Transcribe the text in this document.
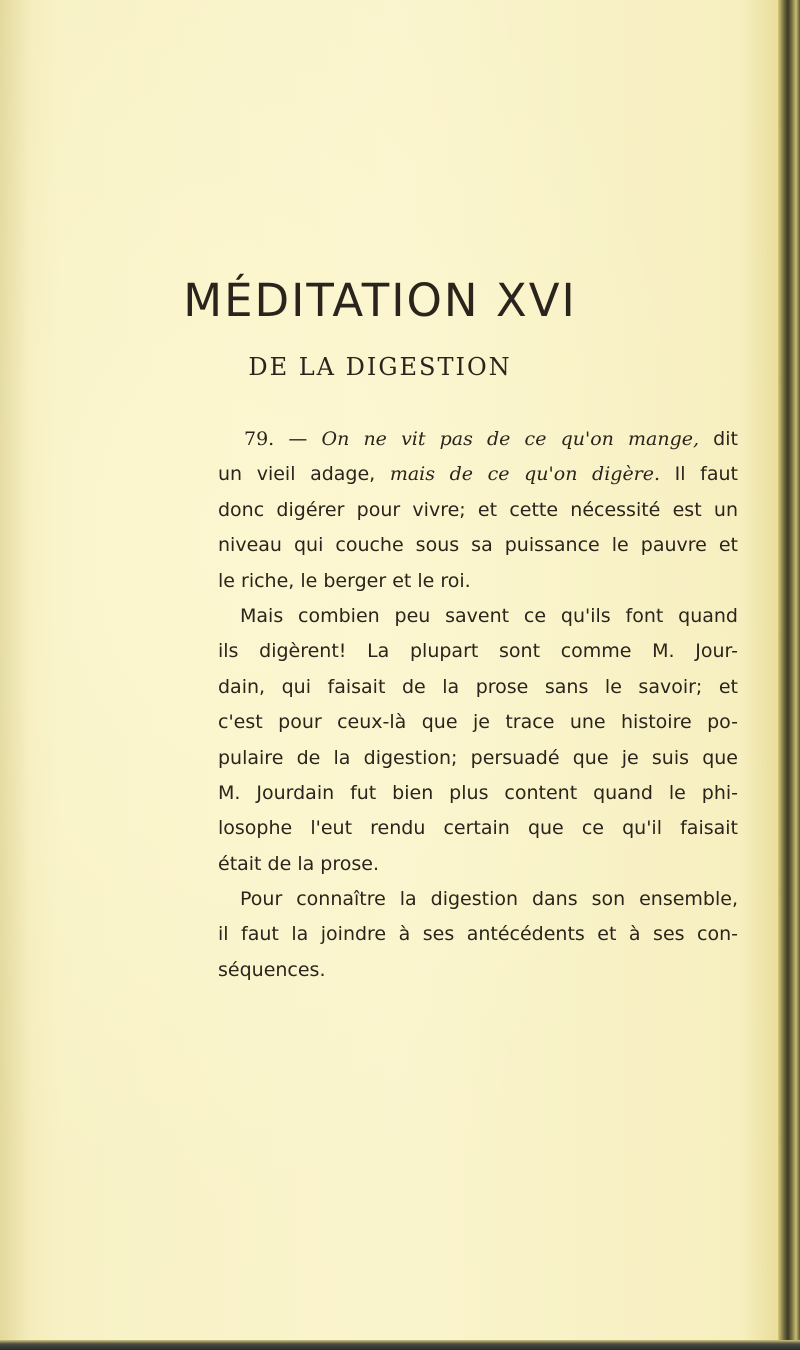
MÉDITATION XVI
DE LA DIGESTION
79. — On ne vit pas de ce qu'on mange, dit
un vieil adage, mais de ce qu'on digère. Il faut
donc digérer pour vivre; et cette nécessité est un
niveau qui couche sous sa puissance le pauvre et
le riche, le berger et le roi.
Mais combien peu savent ce qu'ils font quand
ils digèrent! La plupart sont comme M. Jour-
dain, qui faisait de la prose sans le savoir; et
c'est pour ceux-là que je trace une histoire po-
pulaire de la digestion; persuadé que je suis que
M. Jourdain fut bien plus content quand le phi-
losophe l'eut rendu certain que ce qu'il faisait
était de la prose.
Pour connaître la digestion dans son ensemble,
il faut la joindre à ses antécédents et à ses con-
séquences.
